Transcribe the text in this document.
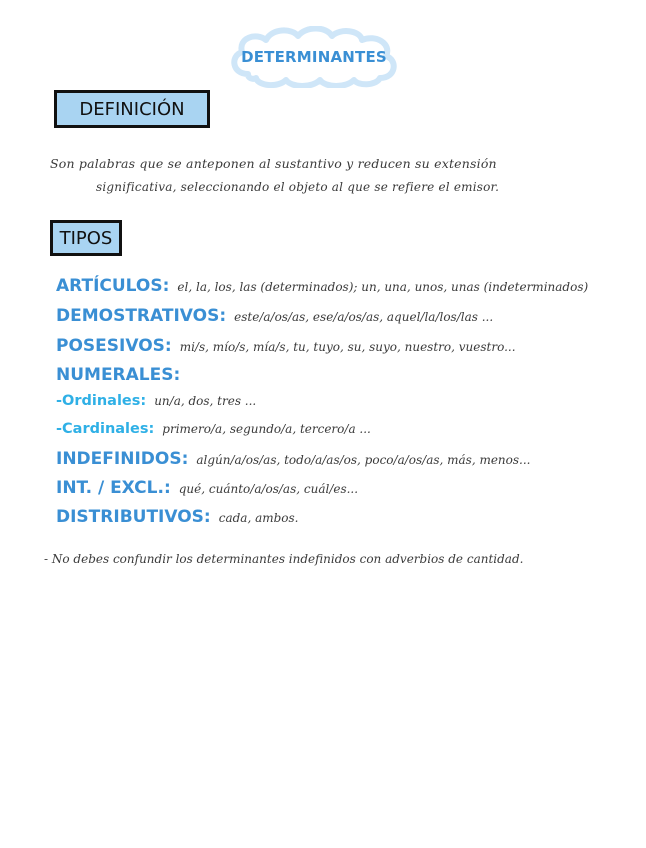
DETERMINANTES
DEFINICIÓN
Son palabras que se anteponen al sustantivo y reducen su extensión
significativa, seleccionando el objeto al que se refiere el emisor.
TIPOS
ARTÍCULOS: el, la, los, las (determinados); un, una, unos, unas (indeterminados)
DEMOSTRATIVOS: este/a/os/as, ese/a/os/as, aquel/la/los/las ...
POSESIVOS: mi/s, mío/s, mía/s, tu, tuyo, su, suyo, nuestro, vuestro...
NUMERALES:
-Ordinales: un/a, dos, tres ...
-Cardinales: primero/a, segundo/a, tercero/a ...
INDEFINIDOS: algún/a/os/as, todo/a/as/os, poco/a/os/as, más, menos...
INT. / EXCL.: qué, cuánto/a/os/as, cuál/es...
DISTRIBUTIVOS: cada, ambos.
- No debes confundir los determinantes indefinidos con adverbios de cantidad.
